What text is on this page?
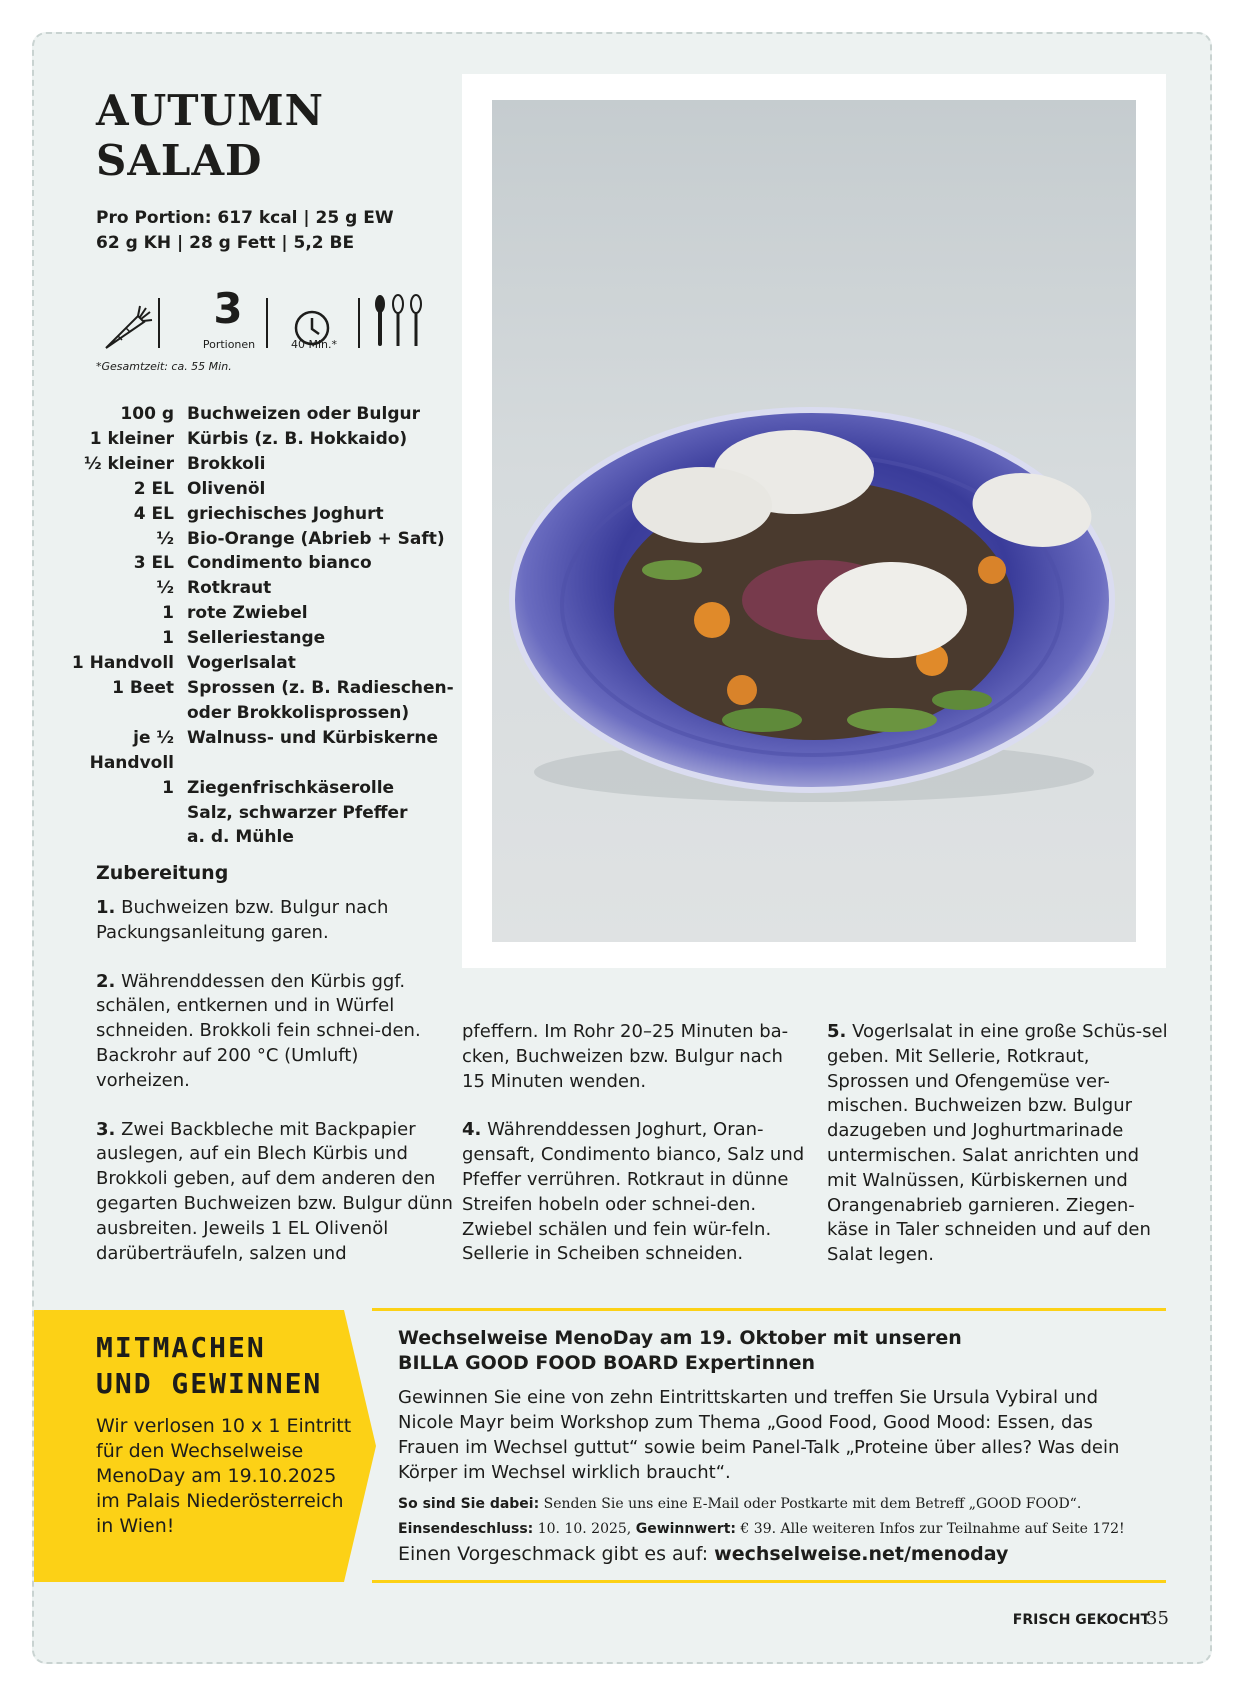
AUTUMN
SALAD
Pro Portion: 617 kcal | 25 g EW
62 g KH | 28 g Fett | 5,2 BE
3
Portionen	40 Min.*
*Gesamtzeit: ca. 55 Min.
100 g Buchweizen oder Bulgur
1 kleiner Kürbis (z. B. Hokkaido)
½ kleiner Brokkoli
2 EL Olivenöl
4 EL griechisches Joghurt
½ Bio-Orange (Abrieb + Saft)
3 EL Condimento bianco
½ Rotkraut
1 rote Zwiebel
1 Selleriestange
1 Handvoll Vogerlsalat
1 Beet Sprossen (z. B. Radieschen-
oder Brokkolisprossen)
je ½ Handvoll
Walnuss- und Kürbiskerne
1 Ziegenfrischkäserolle
Salz, schwarzer Pfeffer
a. d. Mühle
Zubereitung

1. Buchweizen bzw. Bulgur nach Packungsanleitung garen.

2. Währenddessen den Kürbis ggf. schälen, entkernen und in Würfel schneiden. Brokkoli fein schnei-den. Backrohr auf 200 °C (Umluft) vorheizen.

3. Zwei Backbleche mit Backpapier auslegen, auf ein Blech Kürbis und Brokkoli geben, auf dem anderen den gegarten Buchweizen bzw. Bulgur dünn ausbreiten. Jeweils 1 EL Olivenöl darüberträufeln, salzen und

pfeffern. Im Rohr 20–25 Minuten ba-cken, Buchweizen bzw. Bulgur nach 15 Minuten wenden.

4. Währenddessen Joghurt, Oran-gensaft, Condimento bianco, Salz und Pfeffer verrühren. Rotkraut in dünne Streifen hobeln oder schnei-den. Zwiebel schälen und fein wür-feln. Sellerie in Scheiben schneiden.

5. Vogerlsalat in eine große Schüs-sel geben. Mit Sellerie, Rotkraut, Sprossen und Ofengemüse ver-mischen. Buchweizen bzw. Bulgur dazugeben und Joghurtmarinade untermischen. Salat anrichten und mit Walnüssen, Kürbiskernen und Orangenabrieb garnieren. Ziegen-käse in Taler schneiden und auf den Salat legen.

MITMACHEN
UND GEWINNEN
Wir verlosen 10 x 1 Eintritt für den Wechselweise MenoDay am 19.10.2025 im Palais Niederösterreich in Wien!
Wechselweise MenoDay am 19. Oktober mit unseren
BILLA GOOD FOOD BOARD Expertinnen
Gewinnen Sie eine von zehn Eintrittskarten und treffen Sie Ursula Vybiral und Nicole Mayr beim Workshop zum Thema „Good Food, Good Mood: Essen, das Frauen im Wechsel guttut“ sowie beim Panel-Talk „Proteine über alles? Was dein Körper im Wechsel wirklich braucht“.
So sind Sie dabei: Senden Sie uns eine E-Mail oder Postkarte mit dem Betreff „GOOD FOOD“.
Einsendeschluss: 10. 10. 2025, Gewinnwert: € 39. Alle weiteren Infos zur Teilnahme auf Seite 172!
Einen Vorgeschmack gibt es auf: wechselweise.net/menoday
FRISCH GEKOCHT
35
